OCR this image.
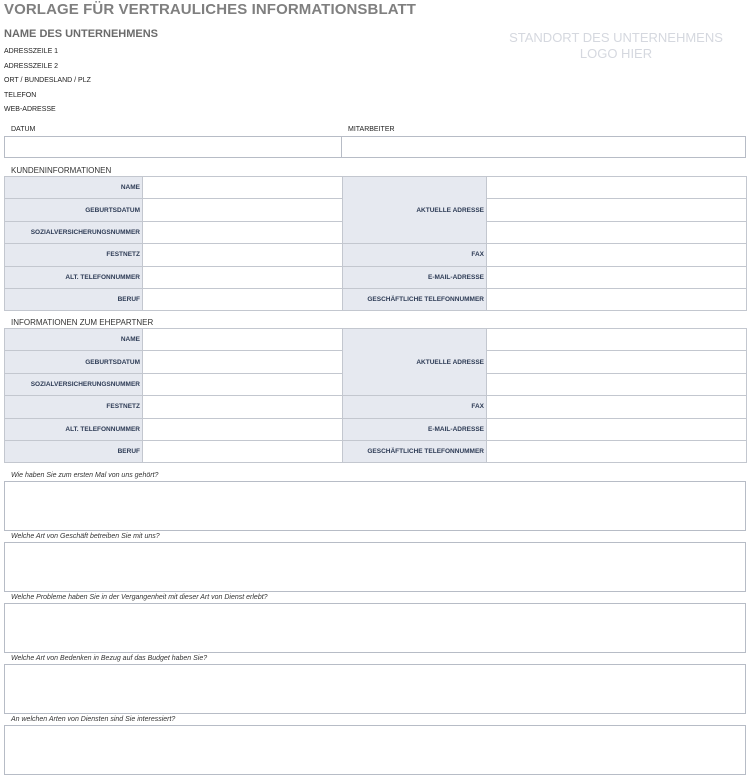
VORLAGE FÜR VERTRAULICHES INFORMATIONSBLATT
NAME DES UNTERNEHMENS
ADRESSZEILE 1
ADRESSZEILE 2
ORT / BUNDESLAND / PLZ
TELEFON
WEB-ADRESSE
STANDORT DES UNTERNEHMENS
LOGO HIER
DATUM	MITARBEITER
KUNDENINFORMATIONEN
NAME		AKTUELLE ADRESSE	
GEBURTSDATUM			
SOZIALVERSICHERUNGSNUMMER			
FESTNETZ		FAX	
ALT. TELEFONNUMMER		E-MAIL-ADRESSE	
BERUF		GESCHÄFTLICHE TELEFONNUMMER	
INFORMATIONEN ZUM EHEPARTNER
NAME		AKTUELLE ADRESSE	
GEBURTSDATUM			
SOZIALVERSICHERUNGSNUMMER			
FESTNETZ		FAX	
ALT. TELEFONNUMMER		E-MAIL-ADRESSE	
BERUF		GESCHÄFTLICHE TELEFONNUMMER	
Wie haben Sie zum ersten Mal von uns gehört?
Welche Art von Geschäft betreiben Sie mit uns?
Welche Probleme haben Sie in der Vergangenheit mit dieser Art von Dienst erlebt?
Welche Art von Bedenken in Bezug auf das Budget haben Sie?
An welchen Arten von Diensten sind Sie interessiert?
